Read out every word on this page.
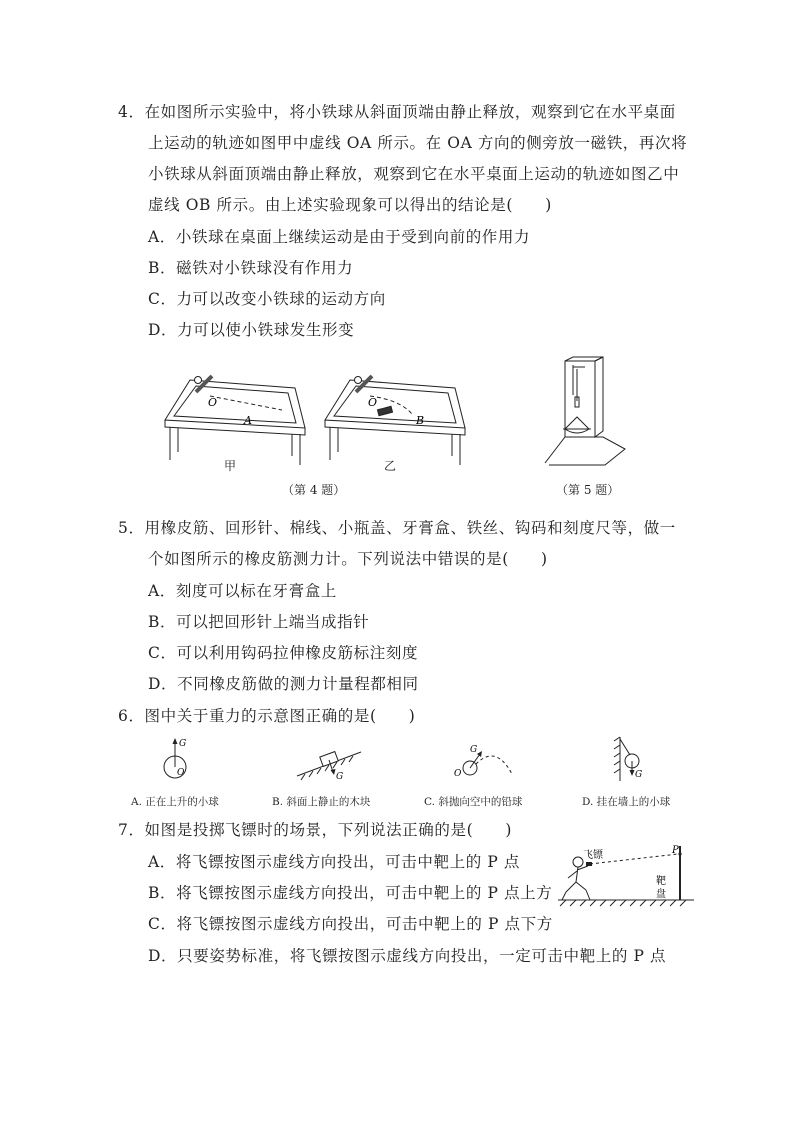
4．在如图所示实验中，将小铁球从斜面顶端由静止释放，观察到它在水平桌面
上运动的轨迹如图甲中虚线 OA 所示。在 OA 方向的侧旁放一磁铁，再次将
小铁球从斜面顶端由静止释放，观察到它在水平桌面上运动的轨迹如图乙中
虚线 OB 所示。由上述实验现象可以得出的结论是(　　)
A．小铁球在桌面上继续运动是由于受到向前的作用力
B．磁铁对小铁球没有作用力
C．力可以改变小铁球的运动方向
D．力可以使小铁球发生形变
O
A
甲
O
B
乙
（第 4 题）	（第 5 题）
5．用橡皮筋、回形针、棉线、小瓶盖、牙膏盒、铁丝、钩码和刻度尺等，做一
个如图所示的橡皮筋测力计。下列说法中错误的是(　　)
A．刻度可以标在牙膏盒上
B．可以把回形针上端当成指针
C．可以利用钩码拉伸橡皮筋标注刻度
D．不同橡皮筋做的测力计量程都相同
6．图中关于重力的示意图正确的是(　　)
G
O
A. 正在上升的小球
G
B. 斜面上静止的木块
G
O
C. 斜抛向空中的铅球
G
D. 挂在墙上的小球
7．如图是投掷飞镖时的场景，下列说法正确的是(　　)
A．将飞镖按图示虚线方向投出，可击中靶上的 P 点
B．将飞镖按图示虚线方向投出，可击中靶上的 P 点上方
C．将飞镖按图示虚线方向投出，可击中靶上的 P 点下方
D．只要姿势标准，将飞镖按图示虚线方向投出，一定可击中靶上的 P 点
飞镖	P
靶
盘
